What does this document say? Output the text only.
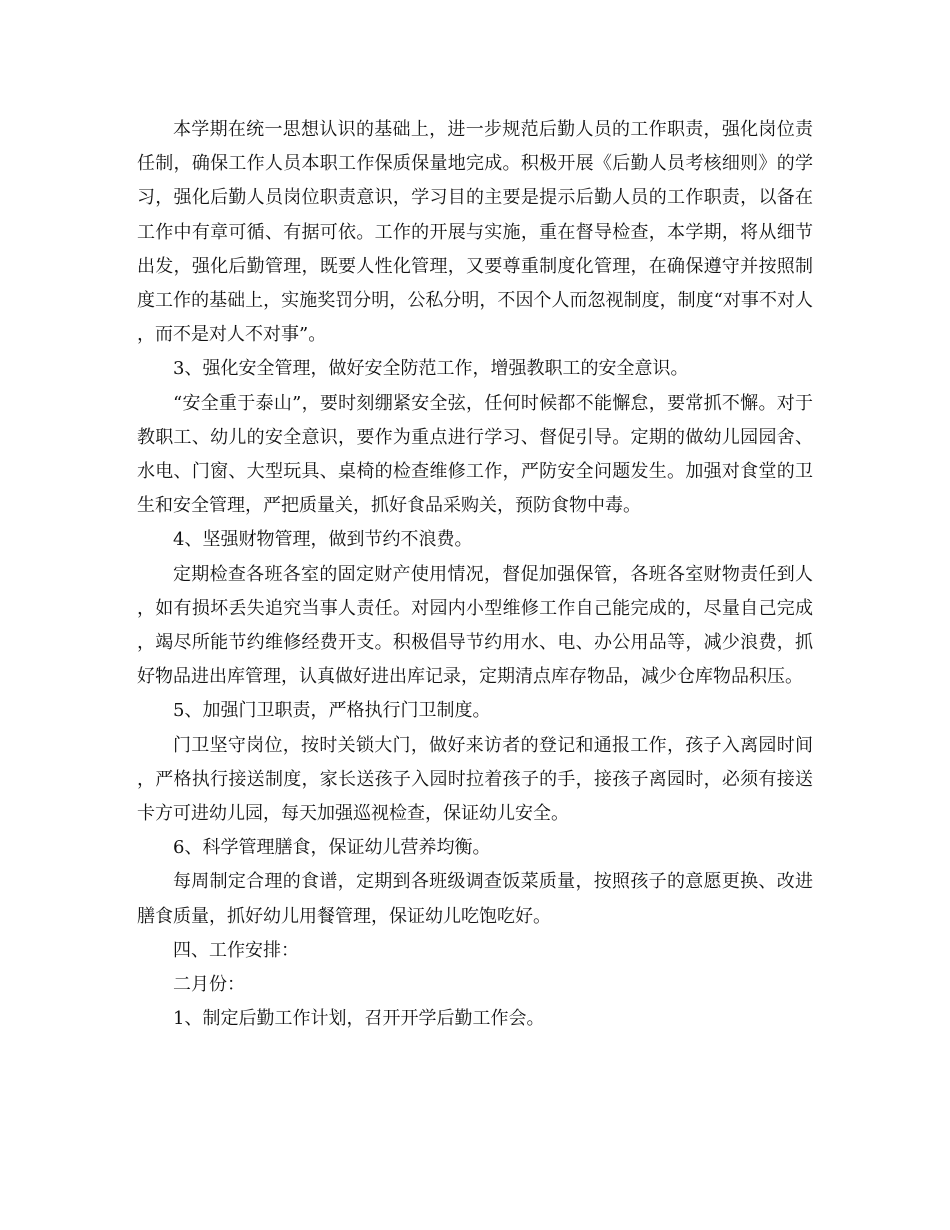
本学期在统一思想认识的基础上，进一步规范后勤人员的工作职责，强化岗位责任制，确保工作人员本职工作保质保量地完成。积极开展《后勤人员考核细则》的学习，强化后勤人员岗位职责意识，学习目的主要是提示后勤人员的工作职责，以备在工作中有章可循、有据可依。工作的开展与实施，重在督导检查，本学期，将从细节出发，强化后勤管理，既要人性化管理，又要尊重制度化管理，在确保遵守并按照制度工作的基础上，实施奖罚分明，公私分明，不因个人而忽视制度，制度“对事不对人，而不是对人不对事”。

3、强化安全管理，做好安全防范工作，增强教职工的安全意识。

“安全重于泰山”，要时刻绷紧安全弦，任何时候都不能懈怠，要常抓不懈。对于教职工、幼儿的安全意识，要作为重点进行学习、督促引导。定期的做幼儿园园舍、水电、门窗、大型玩具、桌椅的检查维修工作，严防安全问题发生。加强对食堂的卫生和安全管理，严把质量关，抓好食品采购关，预防食物中毒。

4、坚强财物管理，做到节约不浪费。

定期检查各班各室的固定财产使用情况，督促加强保管，各班各室财物责任到人，如有损坏丢失追究当事人责任。对园内小型维修工作自己能完成的，尽量自己完成，竭尽所能节约维修经费开支。积极倡导节约用水、电、办公用品等，减少浪费，抓好物品进出库管理，认真做好进出库记录，定期清点库存物品，减少仓库物品积压。

5、加强门卫职责，严格执行门卫制度。

门卫坚守岗位，按时关锁大门，做好来访者的登记和通报工作，孩子入离园时间，严格执行接送制度，家长送孩子入园时拉着孩子的手，接孩子离园时，必须有接送卡方可进幼儿园，每天加强巡视检查，保证幼儿安全。

6、科学管理膳食，保证幼儿营养均衡。

每周制定合理的食谱，定期到各班级调查饭菜质量，按照孩子的意愿更换、改进膳食质量，抓好幼儿用餐管理，保证幼儿吃饱吃好。

四、工作安排：

二月份：

1、制定后勤工作计划，召开开学后勤工作会。
